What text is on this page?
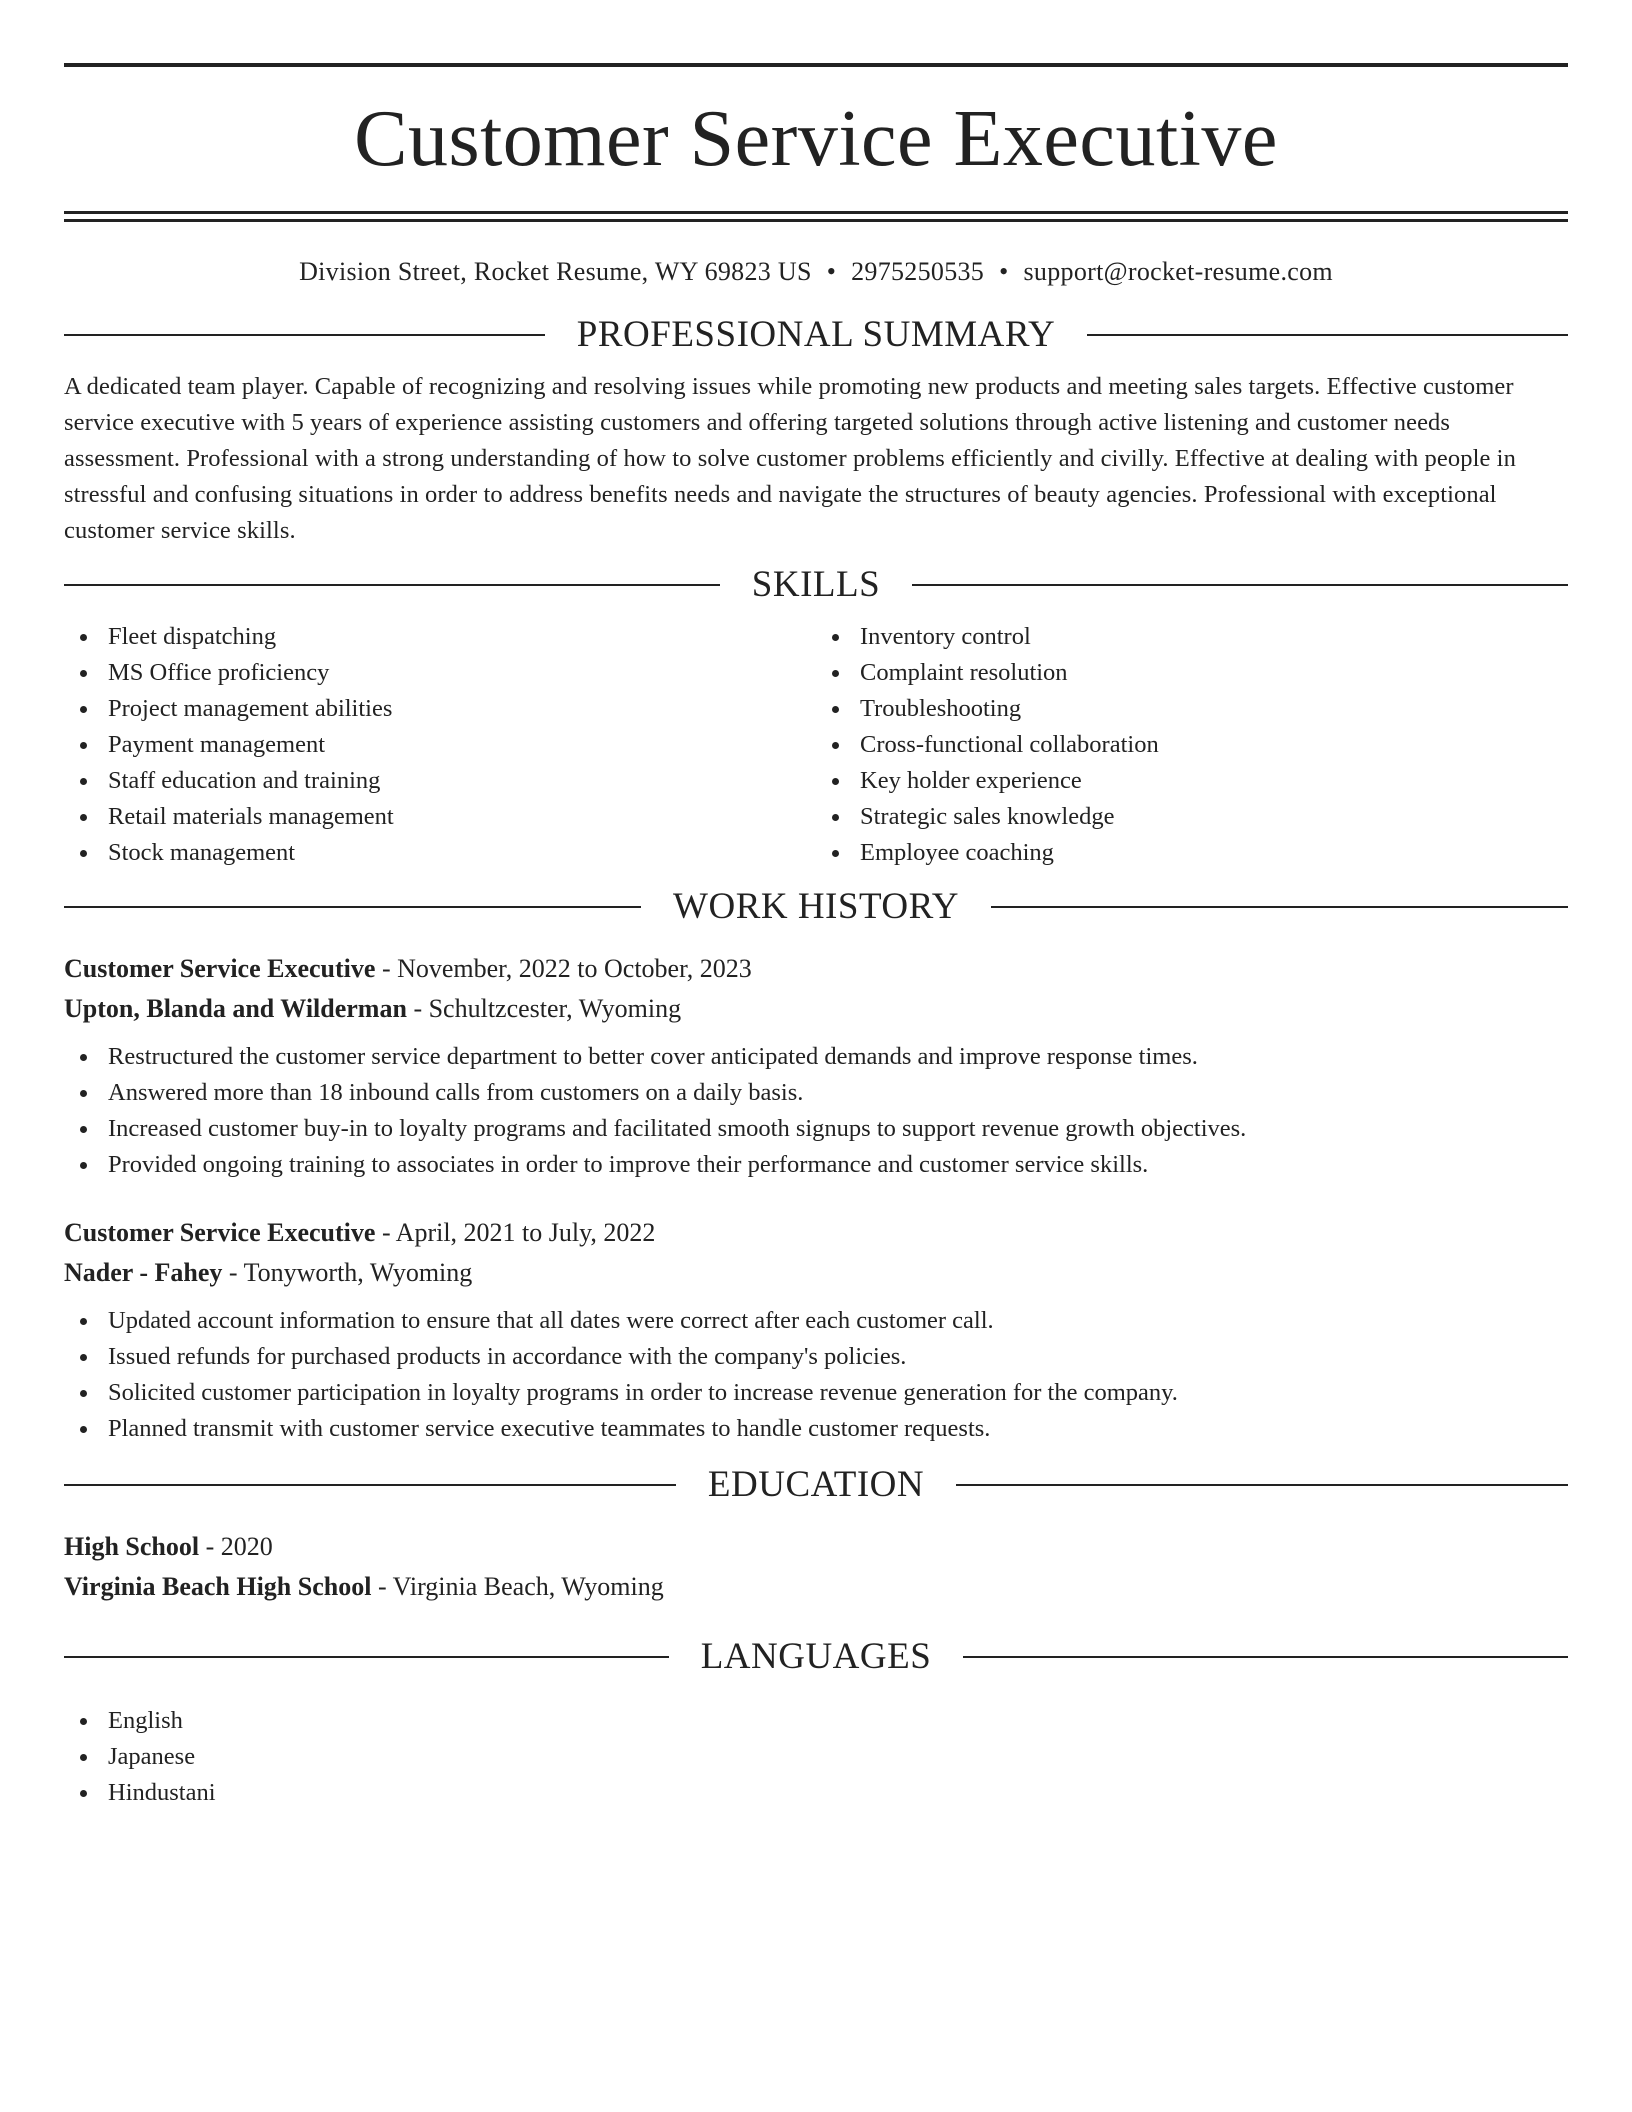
Customer Service Executive
Division Street, Rocket Resume, WY 69823 US • 2975250535 • support@rocket-resume.com
PROFESSIONAL SUMMARY

A dedicated team player. Capable of recognizing and resolving issues while promoting new products and meeting sales targets. Effective customer service executive with 5 years of experience assisting customers and offering targeted solutions through active listening and customer needs assessment. Professional with a strong understanding of how to solve customer problems efficiently and civilly. Effective at dealing with people in stressful and confusing situations in order to address benefits needs and navigate the structures of beauty agencies. Professional with exceptional customer service skills.

SKILLS
Fleet dispatching
MS Office proficiency
Project management abilities
Payment management
Staff education and training
Retail materials management
Stock management
Inventory control
Complaint resolution
Troubleshooting
Cross-functional collaboration
Key holder experience
Strategic sales knowledge
Employee coaching
WORK HISTORY
Customer Service Executive - November, 2022 to October, 2023
Upton, Blanda and Wilderman - Schultzcester, Wyoming
Restructured the customer service department to better cover anticipated demands and improve response times.
Answered more than 18 inbound calls from customers on a daily basis.
Increased customer buy-in to loyalty programs and facilitated smooth signups to support revenue growth objectives.
Provided ongoing training to associates in order to improve their performance and customer service skills.
Customer Service Executive - April, 2021 to July, 2022
Nader - Fahey - Tonyworth, Wyoming
Updated account information to ensure that all dates were correct after each customer call.
Issued refunds for purchased products in accordance with the company's policies.
Solicited customer participation in loyalty programs in order to increase revenue generation for the company.
Planned transmit with customer service executive teammates to handle customer requests.
EDUCATION
High School - 2020
Virginia Beach High School - Virginia Beach, Wyoming
LANGUAGES
English
Japanese
Hindustani
